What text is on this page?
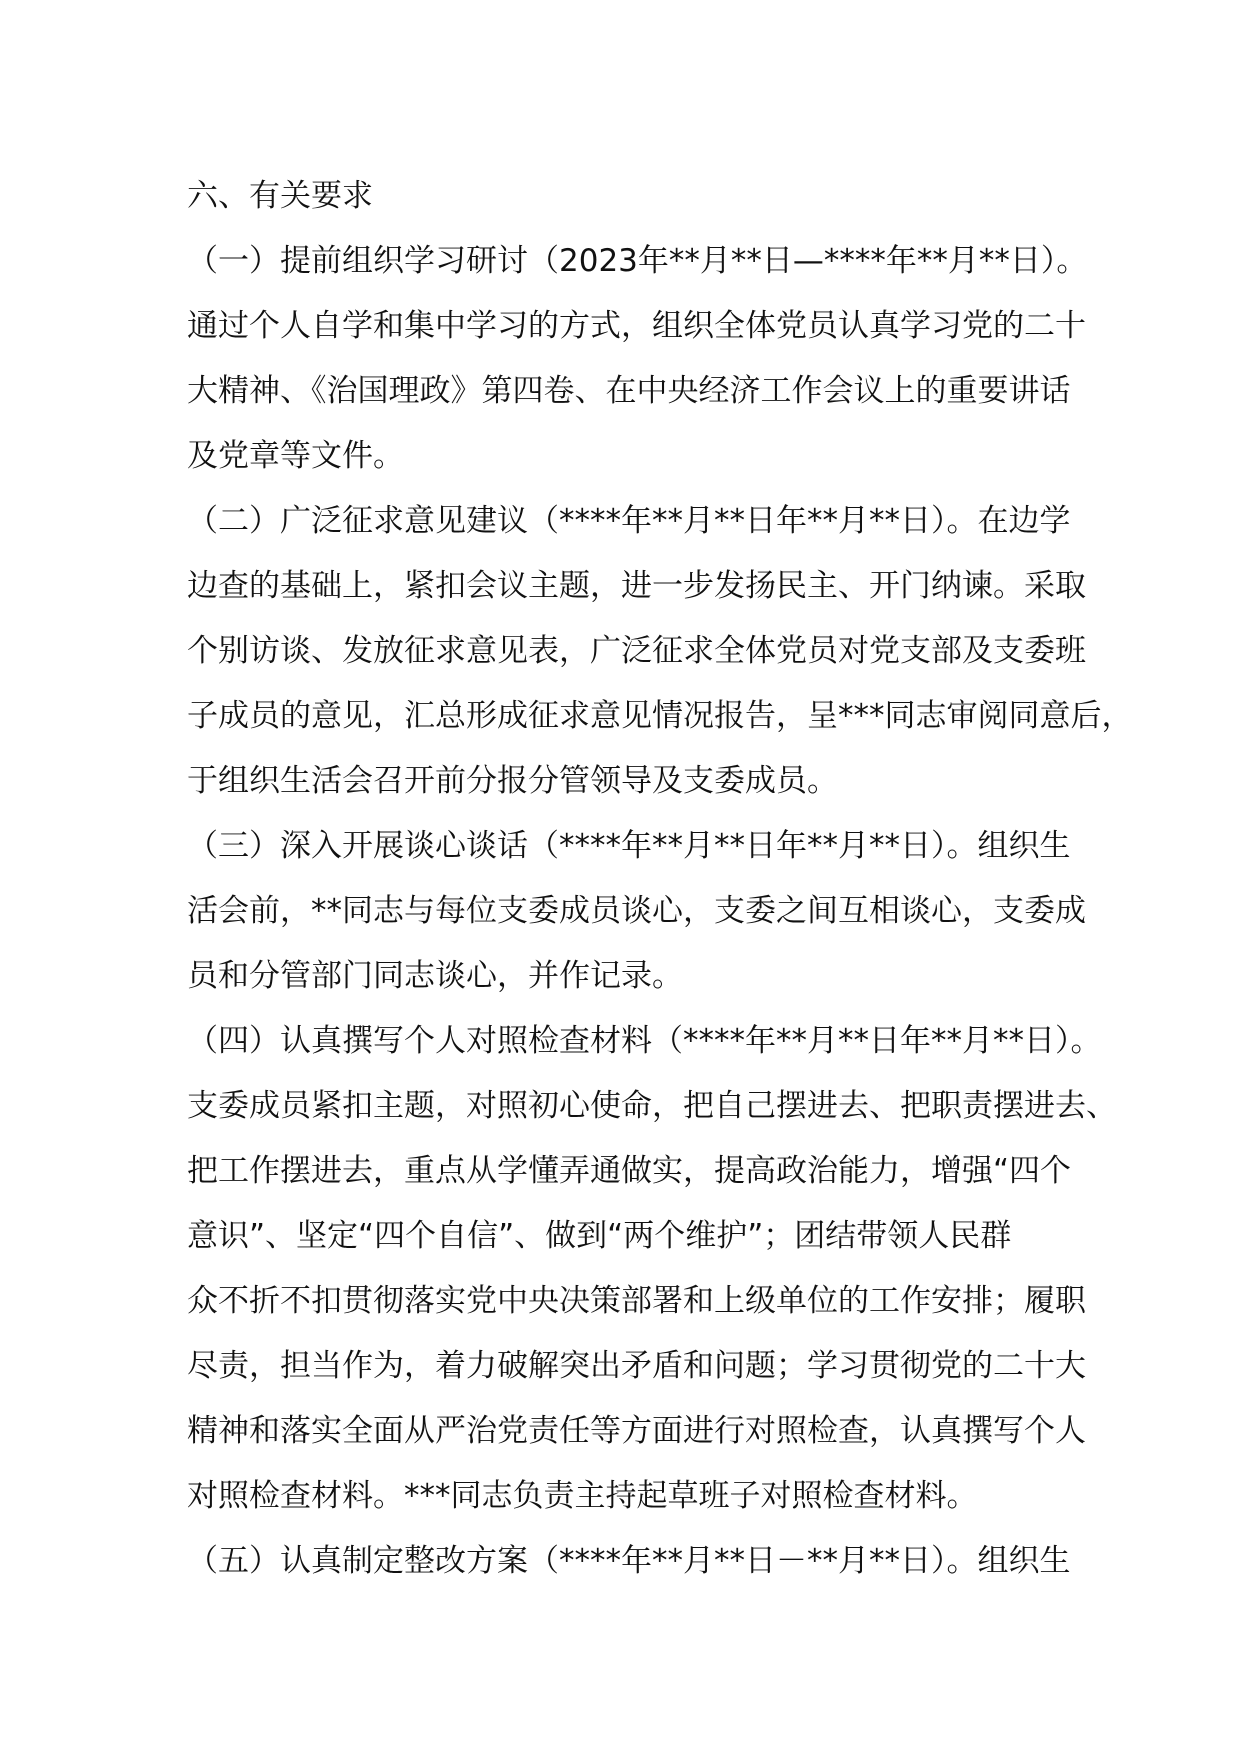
六、有关要求
（一）提前组织学习研讨（2023年**月**日—****年**月**日）。
通过个人自学和集中学习的方式，组织全体党员认真学习党的二十
大精神、《治国理政》第四卷、在中央经济工作会议上的重要讲话
及党章等文件。
（二）广泛征求意见建议（****年**月**日年**月**日）。在边学
边查的基础上，紧扣会议主题，进一步发扬民主、开门纳谏。采取
个别访谈、发放征求意见表，广泛征求全体党员对党支部及支委班
子成员的意见，汇总形成征求意见情况报告，呈***同志审阅同意后，
于组织生活会召开前分报分管领导及支委成员。
（三）深入开展谈心谈话（****年**月**日年**月**日）。组织生
活会前，**同志与每位支委成员谈心，支委之间互相谈心，支委成
员和分管部门同志谈心，并作记录。
（四）认真撰写个人对照检查材料（****年**月**日年**月**日）。
支委成员紧扣主题，对照初心使命，把自己摆进去、把职责摆进去、
把工作摆进去，重点从学懂弄通做实，提高政治能力，增强“四个
意识”、坚定“四个自信”、做到“两个维护”；团结带领人民群
众不折不扣贯彻落实党中央决策部署和上级单位的工作安排；履职
尽责，担当作为，着力破解突出矛盾和问题；学习贯彻党的二十大
精神和落实全面从严治党责任等方面进行对照检查，认真撰写个人
对照检查材料。***同志负责主持起草班子对照检查材料。
（五）认真制定整改方案（****年**月**日－**月**日）。组织生
